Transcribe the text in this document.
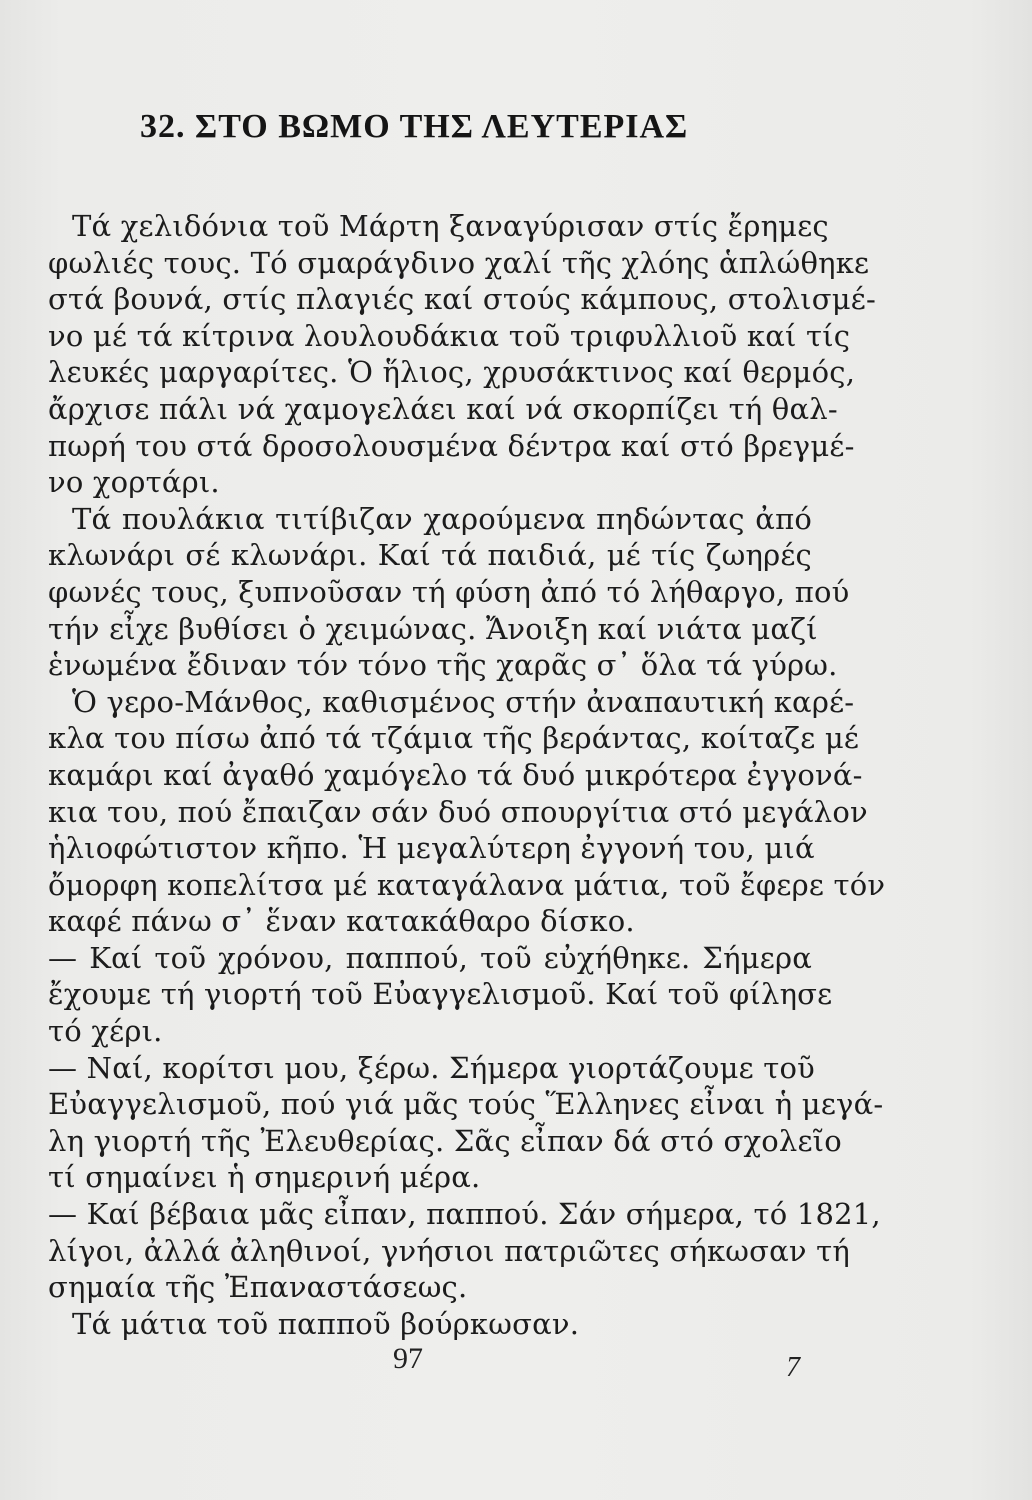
32. ΣΤΟ ΒΩΜΟ ΤΗΣ ΛΕΥΤΕΡΙΑΣ
Τά χελιδόνια τοῦ Μάρτη ξαναγύρισαν στίς ἔρημες
φωλιές τους. Τό σμαράγδινο χαλί τῆς χλόης ἁπλώθηκε
στά βουνά, στίς πλαγιές καί στούς κάμπους, στολισμέ-
νο μέ τά κίτρινα λουλουδάκια τοῦ τριφυλλιοῦ καί τίς
λευκές μαργαρίτες. Ὁ ἥλιος, χρυσάκτινος καί θερμός,
ἄρχισε πάλι νά χαμογελάει καί νά σκορπίζει τή θαλ-
πωρή του στά δροσολουσμένα δέντρα καί στό βρεγμέ-
νο χορτάρι.
Τά πουλάκια τιτίβιζαν χαρούμενα πηδώντας ἀπό
κλωνάρι σέ κλωνάρι. Καί τά παιδιά, μέ τίς ζωηρές
φωνές τους, ξυπνοῦσαν τή φύση ἀπό τό λήθαργο, πού
τήν εἶχε βυθίσει ὁ χειμώνας. Ἄνοιξη καί νιάτα μαζί
ἑνωμένα ἔδιναν τόν τόνο τῆς χαρᾶς σ᾽ ὅλα τά γύρω.
Ὁ γερο-Μάνθος, καθισμένος στήν ἀναπαυτική καρέ-
κλα του πίσω ἀπό τά τζάμια τῆς βεράντας, κοίταζε μέ
καμάρι καί ἀγαθό χαμόγελο τά δυό μικρότερα ἐγγονά-
κια του, πού ἔπαιζαν σάν δυό σπουργίτια στό μεγάλον
ἡλιοφώτιστον κῆπο. Ἡ μεγαλύτερη ἐγγονή του, μιά
ὄμορφη κοπελίτσα μέ καταγάλανα μάτια, τοῦ ἔφερε τόν
καφέ πάνω σ᾽ ἕναν κατακάθαρο δίσκο.
— Καί τοῦ χρόνου, παππού, τοῦ εὐχήθηκε. Σήμερα
ἔχουμε τή γιορτή τοῦ Εὐαγγελισμοῦ. Καί τοῦ φίλησε
τό χέρι.
— Ναί, κορίτσι μου, ξέρω. Σήμερα γιορτάζουμε τοῦ
Εὐαγγελισμοῦ, πού γιά μᾶς τούς Ἕλληνες εἶναι ἡ μεγά-
λη γιορτή τῆς Ἐλευθερίας. Σᾶς εἶπαν δά στό σχολεῖο
τί σημαίνει ἡ σημερινή μέρα.
— Καί βέβαια μᾶς εἶπαν, παππού. Σάν σήμερα, τό 1821,
λίγοι, ἀλλά ἀληθινοί, γνήσιοι πατριῶτες σήκωσαν τή
σημαία τῆς Ἐπαναστάσεως.
Τά μάτια τοῦ παπποῦ βούρκωσαν.
97	7
